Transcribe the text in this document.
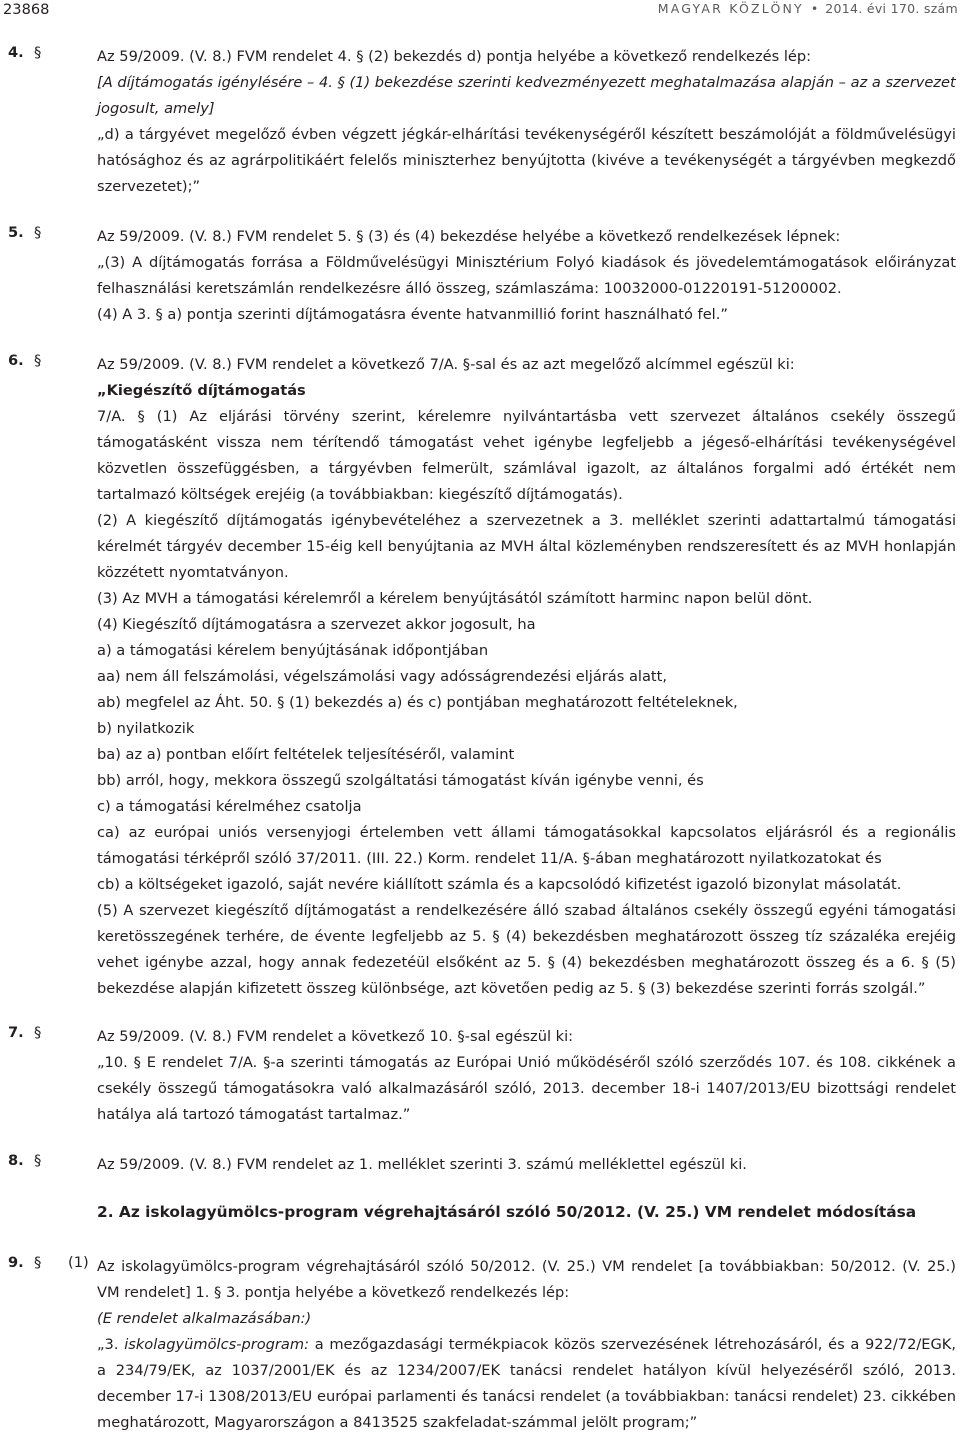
23868	MAGYAR KÖZLÖNY • 2014. évi 170. szám
4. §	Az 59/2009. (V. 8.) FVM rendelet 4. § (2) bekezdés d) pontja helyébe a következő rendelkezés lép:

[A díjtámogatás igénylésére – 4. § (1) bekezdése szerinti kedvezményezett meghatalmazása alapján – az a szervezet jogosult, amely]

„d) a tárgyévet megelőző évben végzett jégkár-elhárítási tevékenységéről készített beszámolóját a földművelésügyi hatósághoz és az agrárpolitikáért felelős miniszterhez benyújtotta (kivéve a tevékenységét a tárgyévben megkezdő szervezetet);”

5. §	Az 59/2009. (V. 8.) FVM rendelet 5. § (3) és (4) bekezdése helyébe a következő rendelkezések lépnek:

„(3) A díjtámogatás forrása a Földművelésügyi Minisztérium Folyó kiadások és jövedelemtámogatások előirányzat felhasználási keretszámlán rendelkezésre álló összeg, számlaszáma: 10032000-01220191-51200002.

(4) A 3. § a) pontja szerinti díjtámogatásra évente hatvanmillió forint használható fel.”

6. §	Az 59/2009. (V. 8.) FVM rendelet a következő 7/A. §-sal és az azt megelőző alcímmel egészül ki:

„Kiegészítő díjtámogatás

7/A. § (1) Az eljárási törvény szerint, kérelemre nyilvántartásba vett szervezet általános csekély összegű támogatásként vissza nem térítendő támogatást vehet igénybe legfeljebb a jégeső-elhárítási tevékenységével közvetlen összefüggésben, a tárgyévben felmerült, számlával igazolt, az általános forgalmi adó értékét nem tartalmazó költségek erejéig (a továbbiakban: kiegészítő díjtámogatás).

(2) A kiegészítő díjtámogatás igénybevételéhez a szervezetnek a 3. melléklet szerinti adattartalmú támogatási kérelmét tárgyév december 15-éig kell benyújtania az MVH által közleményben rendszeresített és az MVH honlapján közzétett nyomtatványon.

(3) Az MVH a támogatási kérelemről a kérelem benyújtásától számított harminc napon belül dönt.

(4) Kiegészítő díjtámogatásra a szervezet akkor jogosult, ha

a) a támogatási kérelem benyújtásának időpontjában

aa) nem áll felszámolási, végelszámolási vagy adósságrendezési eljárás alatt,

ab) megfelel az Áht. 50. § (1) bekezdés a) és c) pontjában meghatározott feltételeknek,

b) nyilatkozik

ba) az a) pontban előírt feltételek teljesítéséről, valamint

bb) arról, hogy, mekkora összegű szolgáltatási támogatást kíván igénybe venni, és

c) a támogatási kérelméhez csatolja

ca) az európai uniós versenyjogi értelemben vett állami támogatásokkal kapcsolatos eljárásról és a regionális támogatási térképről szóló 37/2011. (III. 22.) Korm. rendelet 11/A. §-ában meghatározott nyilatkozatokat és

cb) a költségeket igazoló, saját nevére kiállított számla és a kapcsolódó kifizetést igazoló bizonylat másolatát.

(5) A szervezet kiegészítő díjtámogatást a rendelkezésére álló szabad általános csekély összegű egyéni támogatási keretösszegének terhére, de évente legfeljebb az 5. § (4) bekezdésben meghatározott összeg tíz százaléka erejéig vehet igénybe azzal, hogy annak fedezetéül elsőként az 5. § (4) bekezdésben meghatározott összeg és a 6. § (5) bekezdése alapján kifizetett összeg különbsége, azt követően pedig az 5. § (3) bekezdése szerinti forrás szolgál.”

7. §	Az 59/2009. (V. 8.) FVM rendelet a következő 10. §-sal egészül ki:

„10. § E rendelet 7/A. §-a szerinti támogatás az Európai Unió működéséről szóló szerződés 107. és 108. cikkének a csekély összegű támogatásokra való alkalmazásáról szóló, 2013. december 18-i 1407/2013/EU bizottsági rendelet hatálya alá tartozó támogatást tartalmaz.”

8. §	Az 59/2009. (V. 8.) FVM rendelet az 1. melléklet szerinti 3. számú melléklettel egészül ki.

2. Az iskolagyümölcs-program végrehajtásáról szóló 50/2012. (V. 25.) VM rendelet módosítása
9. § (1) Az iskolagyümölcs-program végrehajtásáról szóló 50/2012. (V. 25.) VM rendelet [a továbbiakban: 50/2012. (V. 25.) VM rendelet] 1. § 3. pontja helyébe a következő rendelkezés lép:

(E rendelet alkalmazásában:)

„3. iskolagyümölcs-program: a mezőgazdasági termékpiacok közös szervezésének létrehozásáról, és a 922/72/EGK, a 234/79/EK, az 1037/2001/EK és az 1234/2007/EK tanácsi rendelet hatályon kívül helyezéséről szóló, 2013. december 17-i 1308/2013/EU európai parlamenti és tanácsi rendelet (a továbbiakban: tanácsi rendelet) 23. cikkében meghatározott, Magyarországon a 8413525 szakfeladat-számmal jelölt program;”
